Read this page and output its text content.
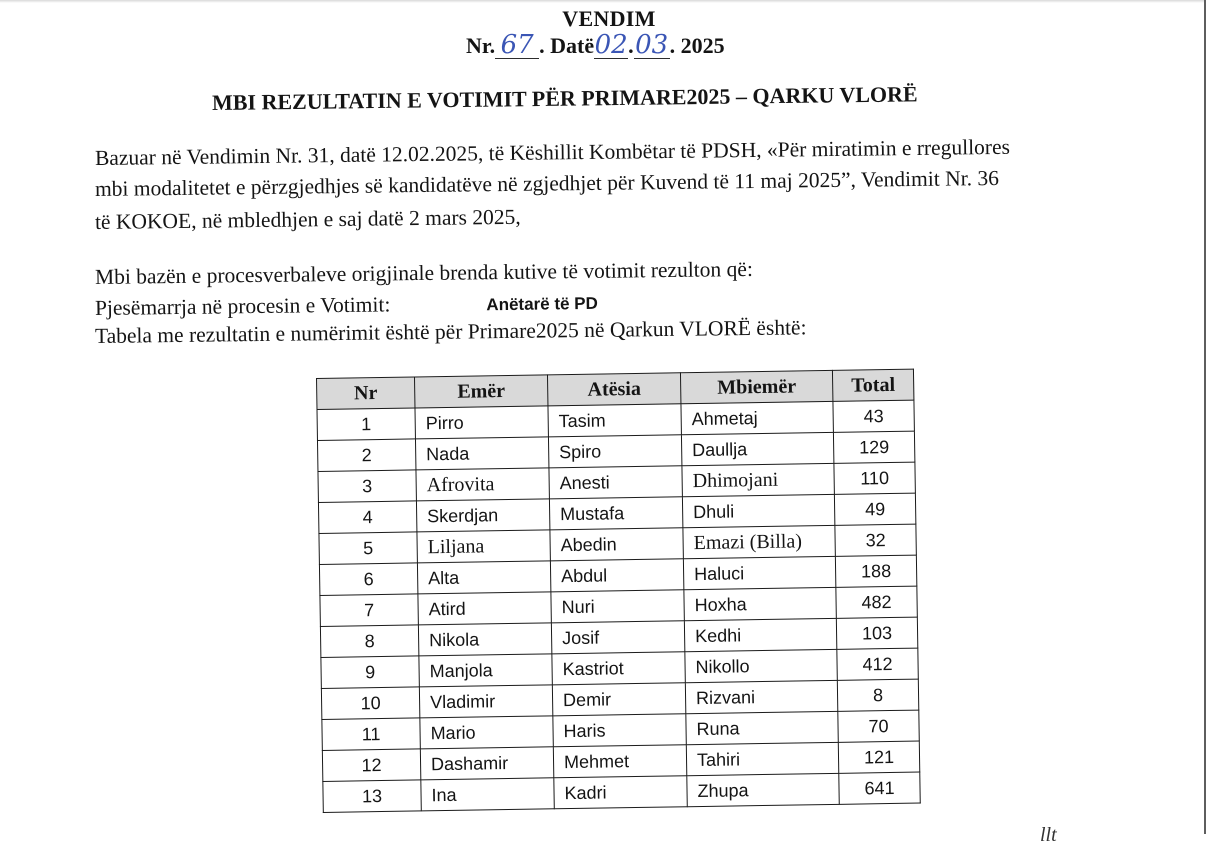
VENDIM
Nr. 67 . Datë02.03. 2025
MBI REZULTATIN E VOTIMIT PËR PRIMARE2025 – QARKU VLORË
Bazuar në Vendimin Nr. 31, datë 12.02.2025, të Këshillit Kombëtar të PDSH, «Për miratimin e rregullores
mbi modalitetet e përzgjedhjes së kandidatëve në zgjedhjet për Kuvend të 11 maj 2025”, Vendimit Nr. 36
të KOKOE, në mbledhjen e saj datë 2 mars 2025,
Mbi bazën e procesverbaleve origjinale brenda kutive të votimit rezulton që:
Pjesëmarrja në procesin e Votimit:	Anëtarë të PD
Tabela me rezultatin e numërimit është për Primare2025 në Qarkun VLORË është:
Nr	Emër	Atësia	Mbiemër	Total
1	Pirro	Tasim	Ahmetaj	43
2	Nada	Spiro	Daullja	129
3	Afrovita	Anesti	Dhimojani	110
4	Skerdjan	Mustafa	Dhuli	49
5	Liljana	Abedin	Emazi (Billa)	32
6	Alta	Abdul	Haluci	188
7	Atird	Nuri	Hoxha	482
8	Nikola	Josif	Kedhi	103
9	Manjola	Kastriot	Nikollo	412
10	Vladimir	Demir	Rizvani	8
11	Mario	Haris	Runa	70
12	Dashamir	Mehmet	Tahiri	121
13	Ina	Kadri	Zhupa	641
llt
